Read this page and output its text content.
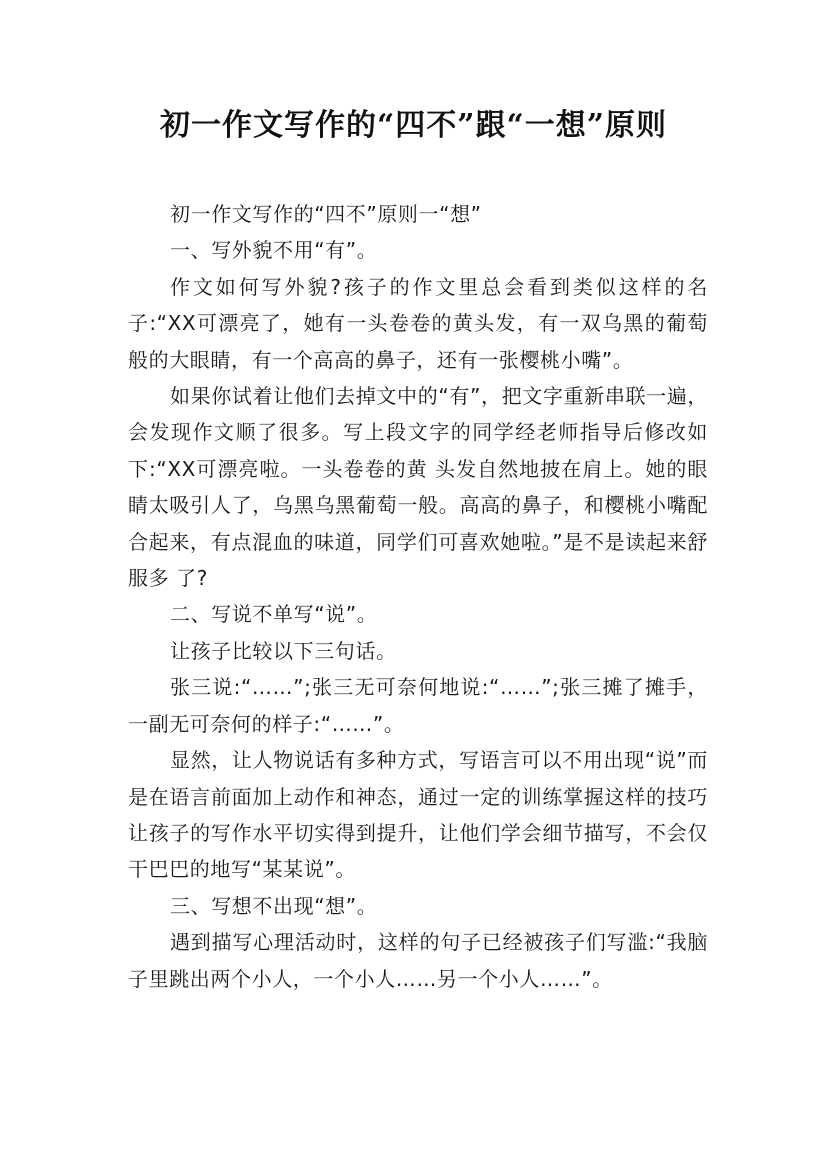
初一作文写作的“四不”跟“一想”原则

初一作文写作的“四不”原则一“想”

一、写外貌不用“有”。

作文如何写外貌?孩子的作文里总会看到类似这样的名子:“XX可漂亮了，她有一头卷卷的黄头发，有一双乌黑的葡萄般的大眼睛，有一个高高的鼻子，还有一张樱桃小嘴”。

如果你试着让他们去掉文中的“有”，把文字重新串联一遍，会发现作文顺了很多。写上段文字的同学经老师指导后修改如下:“XX可漂亮啦。一头卷卷的黄 头发自然地披在肩上。她的眼睛太吸引人了，乌黑乌黑葡萄一般。高高的鼻子，和樱桃小嘴配合起来，有点混血的味道，同学们可喜欢她啦。”是不是读起来舒服多 了?

二、写说不单写“说”。

让孩子比较以下三句话。

张三说:“……”;张三无可奈何地说:“……”;张三摊了摊手，一副无可奈何的样子:“……”。

显然，让人物说话有多种方式，写语言可以不用出现“说”而是在语言前面加上动作和神态，通过一定的训练掌握这样的技巧让孩子的写作水平切实得到提升，让他们学会细节描写，不会仅干巴巴的地写“某某说”。

三、写想不出现“想”。

遇到描写心理活动时，这样的句子已经被孩子们写滥:“我脑子里跳出两个小人，一个小人……另一个小人……”。
